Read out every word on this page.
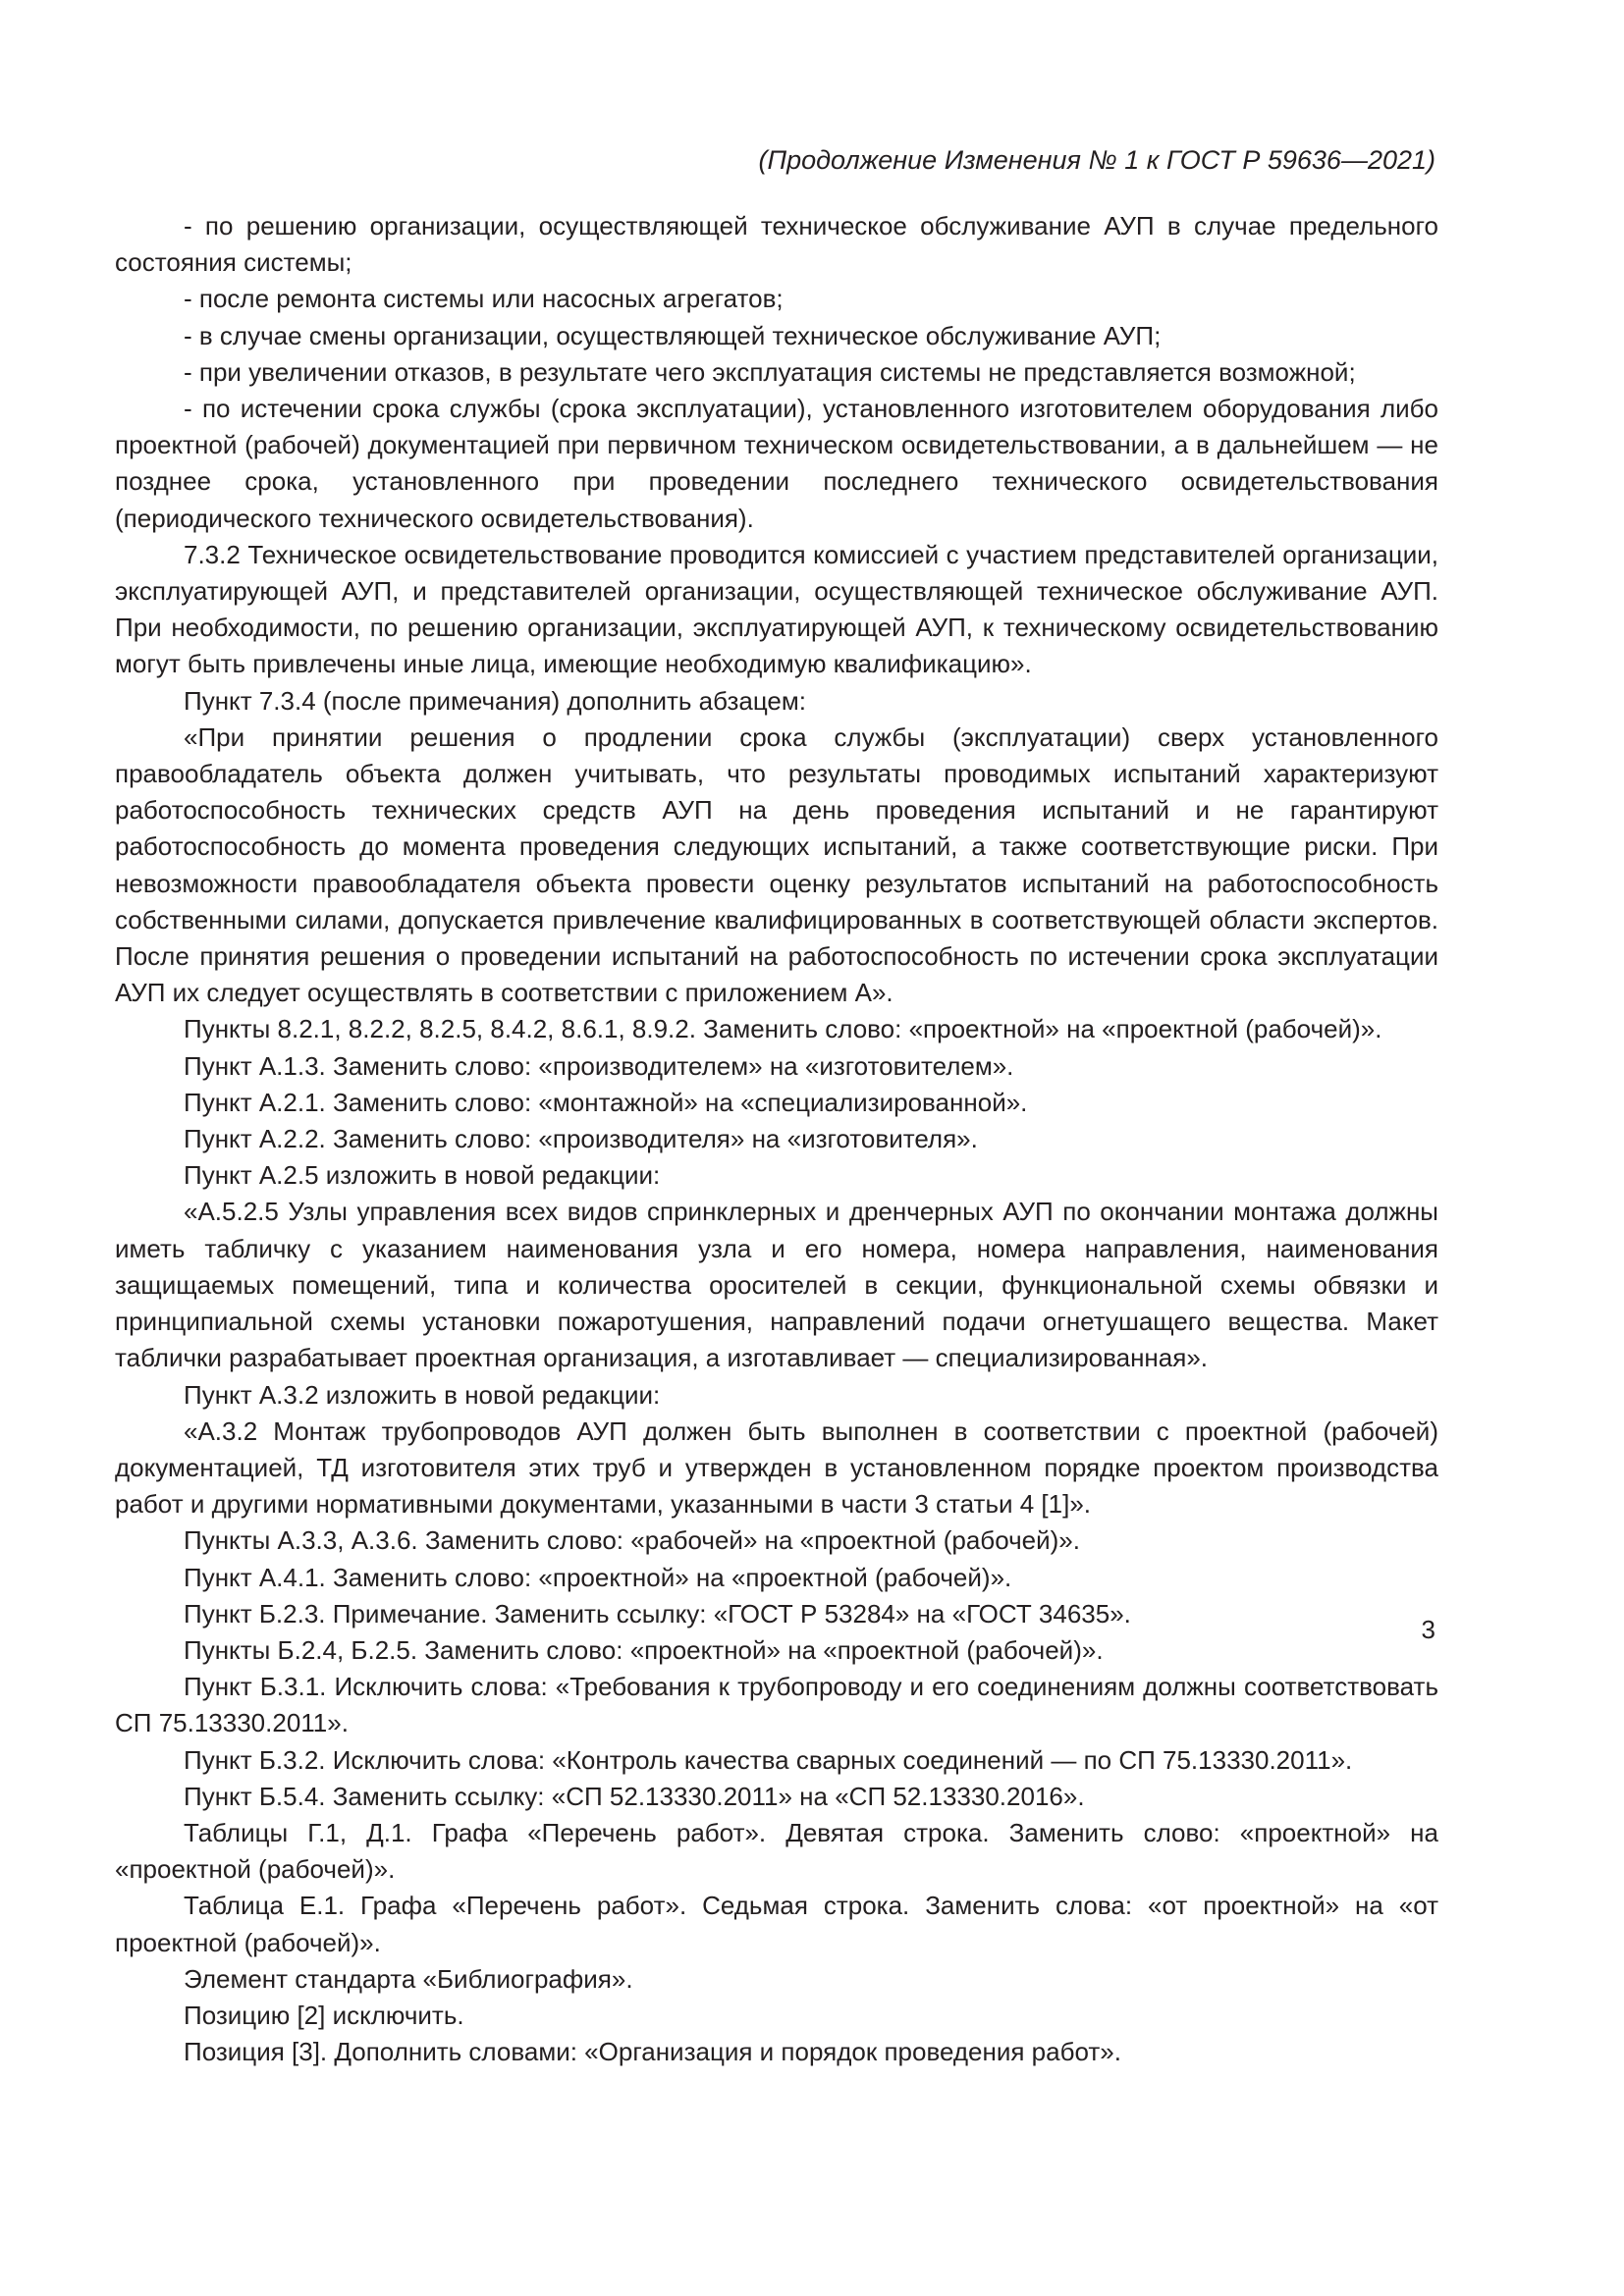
(Продолжение Изменения № 1 к ГОСТ Р 59636—2021)

- по решению организации, осуществляющей техническое обслуживание АУП в случае предельного состояния системы;

- после ремонта системы или насосных агрегатов;

- в случае смены организации, осуществляющей техническое обслуживание АУП;

- при увеличении отказов, в результате чего эксплуатация системы не представляется возможной;

- по истечении срока службы (срока эксплуатации), установленного изготовителем оборудования либо проектной (рабочей) документацией при первичном техническом освидетельствовании, а в дальнейшем — не позднее срока, установленного при проведении последнего технического освидетельствования (периодического технического освидетельствования).

7.3.2 Техническое освидетельствование проводится комиссией с участием представителей организации, эксплуатирующей АУП, и представителей организации, осуществляющей техническое обслуживание АУП. При необходимости, по решению организации, эксплуатирующей АУП, к техническому освидетельствованию могут быть привлечены иные лица, имеющие необходимую квалификацию».

Пункт 7.3.4 (после примечания) дополнить абзацем:

«При принятии решения о продлении срока службы (эксплуатации) сверх установленного правообладатель объекта должен учитывать, что результаты проводимых испытаний характеризуют работоспособность технических средств АУП на день проведения испытаний и не гарантируют работоспособность до момента проведения следующих испытаний, а также соответствующие риски. При невозможности правообладателя объекта провести оценку результатов испытаний на работоспособность собственными силами, допускается привлечение квалифицированных в соответствующей области экспертов. После принятия решения о проведении испытаний на работоспособность по истечении срока эксплуатации АУП их следует осуществлять в соответствии с приложением А».

Пункты 8.2.1, 8.2.2, 8.2.5, 8.4.2, 8.6.1, 8.9.2. Заменить слово: «проектной» на «проектной (рабочей)».

Пункт А.1.3. Заменить слово: «производителем» на «изготовителем».

Пункт А.2.1. Заменить слово: «монтажной» на «специализированной».

Пункт А.2.2. Заменить слово: «производителя» на «изготовителя».

Пункт А.2.5 изложить в новой редакции:

«А.5.2.5 Узлы управления всех видов спринклерных и дренчерных АУП по окончании монтажа должны иметь табличку с указанием наименования узла и его номера, номера направления, наименования защищаемых помещений, типа и количества оросителей в секции, функциональной схемы обвязки и принципиальной схемы установки пожаротушения, направлений подачи огнетушащего вещества. Макет таблички разрабатывает проектная организация, а изготавливает — специализированная».

Пункт А.3.2 изложить в новой редакции:

«А.3.2 Монтаж трубопроводов АУП должен быть выполнен в соответствии с проектной (рабочей) документацией, ТД изготовителя этих труб и утвержден в установленном порядке проектом производства работ и другими нормативными документами, указанными в части 3 статьи 4 [1]».

Пункты А.3.3, А.3.6. Заменить слово: «рабочей» на «проектной (рабочей)».

Пункт А.4.1. Заменить слово: «проектной» на «проектной (рабочей)».

Пункт Б.2.3. Примечание. Заменить ссылку: «ГОСТ Р 53284» на «ГОСТ 34635».

Пункты Б.2.4, Б.2.5. Заменить слово: «проектной» на «проектной (рабочей)».

Пункт Б.3.1. Исключить слова: «Требования к трубопроводу и его соединениям должны соответствовать СП 75.13330.2011».

Пункт Б.3.2. Исключить слова: «Контроль качества сварных соединений — по СП 75.13330.2011».

Пункт Б.5.4. Заменить ссылку: «СП 52.13330.2011» на «СП 52.13330.2016».

Таблицы Г.1, Д.1. Графа «Перечень работ». Девятая строка. Заменить слово: «проектной» на «проектной (рабочей)».

Таблица Е.1. Графа «Перечень работ». Седьмая строка. Заменить слова: «от проектной» на «от проектной (рабочей)».

Элемент стандарта «Библиография».

Позицию [2] исключить.

Позиция [3]. Дополнить словами: «Организация и порядок проведения работ».

3
